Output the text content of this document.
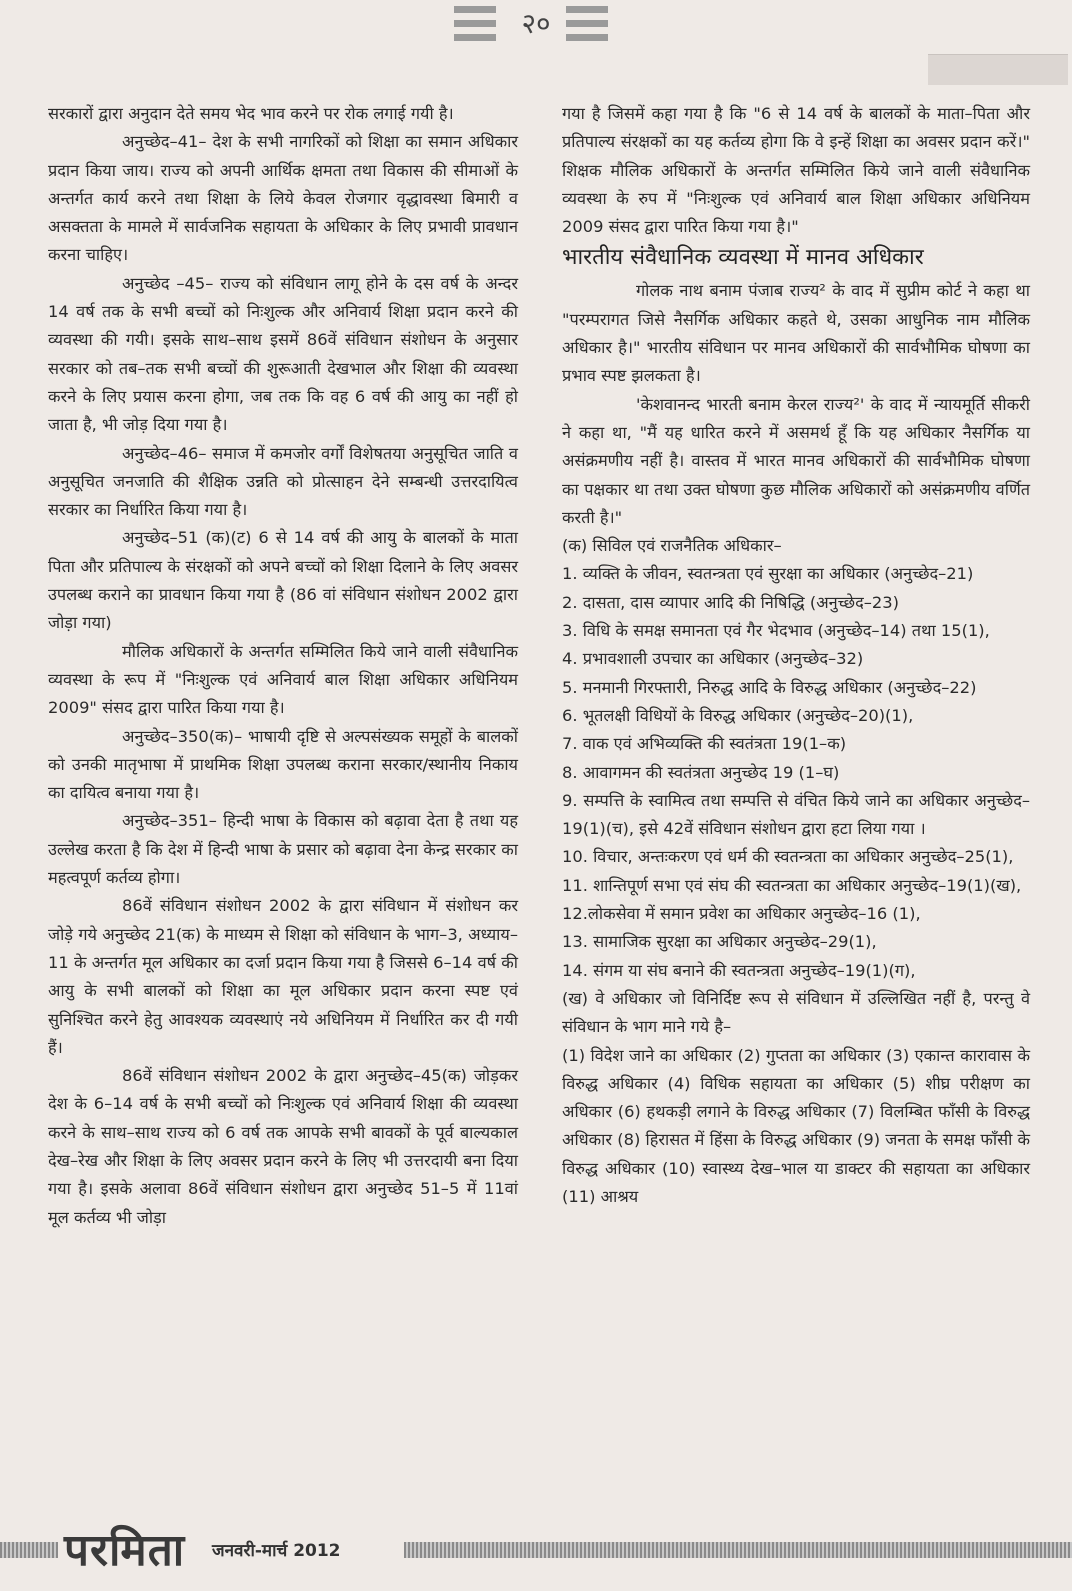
२०

सरकारों द्वारा अनुदान देते समय भेद भाव करने पर रोक लगाई गयी है।

अनुच्छेद–41– देश के सभी नागरिकों को शिक्षा का समान अधिकार प्रदान किया जाय। राज्य को अपनी आर्थिक क्षमता तथा विकास की सीमाओं के अन्तर्गत कार्य करने तथा शिक्षा के लिये केवल रोजगार वृद्धावस्था बिमारी व असक्तता के मामले में सार्वजनिक सहायता के अधिकार के लिए प्रभावी प्रावधान करना चाहिए।

अनुच्छेद –45– राज्य को संविधान लागू होने के दस वर्ष के अन्दर 14 वर्ष तक के सभी बच्चों को निःशुल्क और अनिवार्य शिक्षा प्रदान करने की व्यवस्था की गयी। इसके साथ–साथ इसमें 86वें संविधान संशोधन के अनुसार सरकार को तब–तक सभी बच्चों की शुरूआती देखभाल और शिक्षा की व्यवस्था करने के लिए प्रयास करना होगा, जब तक कि वह 6 वर्ष की आयु का नहीं हो जाता है, भी जोड़ दिया गया है।

अनुच्छेद–46– समाज में कमजोर वर्गों विशेषतया अनुसूचित जाति व अनुसूचित जनजाति की शैक्षिक उन्नति को प्रोत्साहन देने सम्बन्धी उत्तरदायित्व सरकार का निर्धारित किया गया है।

अनुच्छेद–51 (क)(ट) 6 से 14 वर्ष की आयु के बालकों के माता पिता और प्रतिपाल्य के संरक्षकों को अपने बच्चों को शिक्षा दिलाने के लिए अवसर उपलब्ध कराने का प्रावधान किया गया है (86 वां संविधान संशोधन 2002 द्वारा जोड़ा गया)

मौलिक अधिकारों के अन्तर्गत सम्मिलित किये जाने वाली संवैधानिक व्यवस्था के रूप में "निःशुल्क एवं अनिवार्य बाल शिक्षा अधिकार अधिनियम 2009" संसद द्वारा पारित किया गया है।

अनुच्छेद–350(क)– भाषायी दृष्टि से अल्पसंख्यक समूहों के बालकों को उनकी मातृभाषा में प्राथमिक शिक्षा उपलब्ध कराना सरकार/स्थानीय निकाय का दायित्व बनाया गया है।

अनुच्छेद–351– हिन्दी भाषा के विकास को बढ़ावा देता है तथा यह उल्लेख करता है कि देश में हिन्दी भाषा के प्रसार को बढ़ावा देना केन्द्र सरकार का महत्वपूर्ण कर्तव्य होगा।

86वें संविधान संशोधन 2002 के द्वारा संविधान में संशोधन कर जोड़े गये अनुच्छेद 21(क) के माध्यम से शिक्षा को संविधान के भाग–3, अध्याय–11 के अन्तर्गत मूल अधिकार का दर्जा प्रदान किया गया है जिससे 6–14 वर्ष की आयु के सभी बालकों को शिक्षा का मूल अधिकार प्रदान करना स्पष्ट एवं सुनिश्चित करने हेतु आवश्यक व्यवस्थाएं नये अधिनियम में निर्धारित कर दी गयी हैं।

86वें संविधान संशोधन 2002 के द्वारा अनुच्छेद–45(क) जोड़कर देश के 6–14 वर्ष के सभी बच्चों को निःशुल्क एवं अनिवार्य शिक्षा की व्यवस्था करने के साथ–साथ राज्य को 6 वर्ष तक आपके सभी बावकों के पूर्व बाल्यकाल देख–रेख और शिक्षा के लिए अवसर प्रदान करने के लिए भी उत्तरदायी बना दिया गया है। इसके अलावा 86वें संविधान संशोधन द्वारा अनुच्छेद 51–5 में 11वां मूल कर्तव्य भी जोड़ा

गया है जिसमें कहा गया है कि "6 से 14 वर्ष के बालकों के माता–पिता और प्रतिपाल्य संरक्षकों का यह कर्तव्य होगा कि वे इन्हें शिक्षा का अवसर प्रदान करें।" शिक्षक मौलिक अधिकारों के अन्तर्गत सम्मिलित किये जाने वाली संवैधानिक व्यवस्था के रुप में "निःशुल्क एवं अनिवार्य बाल शिक्षा अधिकार अधिनियम 2009 संसद द्वारा पारित किया गया है।"

भारतीय संवैधानिक व्यवस्था में मानव अधिकार

गोलक नाथ बनाम पंजाब राज्य² के वाद में सुप्रीम कोर्ट ने कहा था "परम्परागत जिसे नैसर्गिक अधिकार कहते थे, उसका आधुनिक नाम मौलिक अधिकार है।" भारतीय संविधान पर मानव अधिकारों की सार्वभौमिक घोषणा का प्रभाव स्पष्ट झलकता है।

'केशवानन्द भारती बनाम केरल राज्य²' के वाद में न्यायमूर्ति सीकरी ने कहा था, "मैं यह धारित करने में असमर्थ हूँ कि यह अधिकार नैसर्गिक या असंक्रमणीय नहीं है। वास्तव में भारत मानव अधिकारों की सार्वभौमिक घोषणा का पक्षकार था तथा उक्त घोषणा कुछ मौलिक अधिकारों को असंक्रमणीय वर्णित करती है।"

(क) सिविल एवं राजनैतिक अधिकार–

1. व्यक्ति के जीवन, स्वतन्त्रता एवं सुरक्षा का अधिकार (अनुच्छेद–21)

2. दासता, दास व्यापार आदि की निषिद्धि (अनुच्छेद–23)

3. विधि के समक्ष समानता एवं गैर भेदभाव (अनुच्छेद–14) तथा 15(1),

4. प्रभावशाली उपचार का अधिकार (अनुच्छेद–32)

5. मनमानी गिरफ्तारी, निरुद्ध आदि के विरुद्ध अधिकार (अनुच्छेद–22)

6. भूतलक्षी विधियों के विरुद्ध अधिकार (अनुच्छेद–20)(1),

7. वाक एवं अभिव्यक्ति की स्वतंत्रता 19(1–क)

8. आवागमन की स्वतंत्रता अनुच्छेद 19 (1–घ)

9. सम्पत्ति के स्वामित्व तथा सम्पत्ति से वंचित किये जाने का अधिकार अनुच्छेद–19(1)(च), इसे 42वें संविधान संशोधन द्वारा हटा लिया गया ।

10. विचार, अन्तःकरण एवं धर्म की स्वतन्त्रता का अधिकार अनुच्छेद–25(1),

11. शान्तिपूर्ण सभा एवं संघ की स्वतन्त्रता का अधिकार अनुच्छेद–19(1)(ख),

12.लोकसेवा में समान प्रवेश का अधिकार अनुच्छेद–16 (1),

13. सामाजिक सुरक्षा का अधिकार अनुच्छेद–29(1),

14. संगम या संघ बनाने की स्वतन्त्रता अनुच्छेद–19(1)(ग),

(ख) वे अधिकार जो विनिर्दिष्ट रूप से संविधान में उल्लिखित नहीं है, परन्तु वे संविधान के भाग माने गये है–

(1) विदेश जाने का अधिकार (2) गुप्तता का अधिकार (3) एकान्त कारावास के विरुद्ध अधिकार (4) विधिक सहायता का अधिकार (5) शीघ्र परीक्षण का अधिकार (6) हथकड़ी लगाने के विरुद्ध अधिकार (7) विलम्बित फाँसी के विरुद्ध अधिकार (8) हिरासत में हिंसा के विरुद्ध अधिकार (9) जनता के समक्ष फाँसी के विरुद्ध अधिकार (10) स्वास्थ्य देख–भाल या डाक्टर की सहायता का अधिकार (11) आश्रय

परमिता जनवरी-मार्च 2012
